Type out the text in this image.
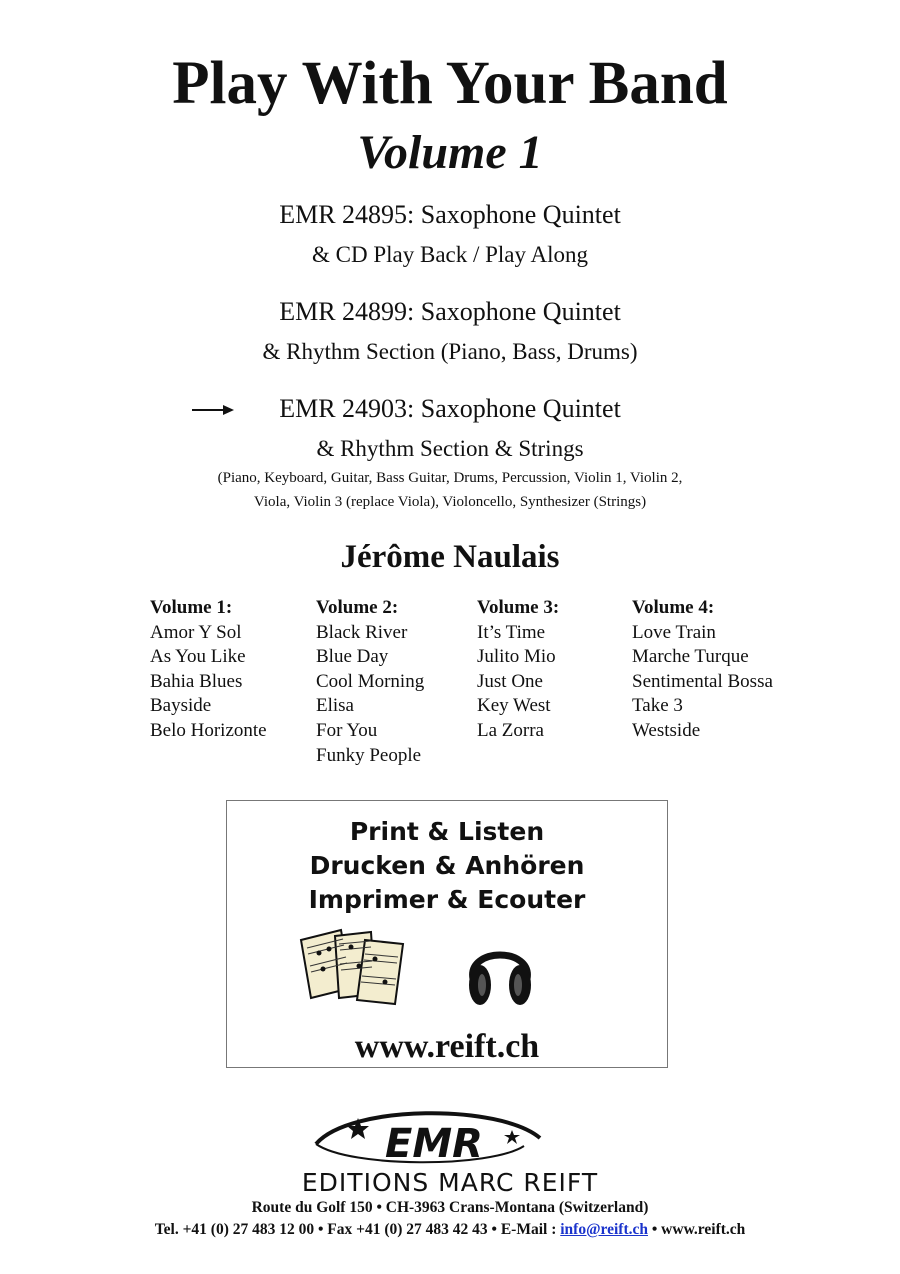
Play With Your Band
Volume 1
EMR 24895: Saxophone Quintet
& CD Play Back / Play Along
EMR 24899: Saxophone Quintet
& Rhythm Section (Piano, Bass, Drums)
EMR 24903: Saxophone Quintet
& Rhythm Section & Strings
(Piano, Keyboard, Guitar, Bass Guitar, Drums, Percussion, Violin 1, Violin 2,
Viola, Violin 3 (replace Viola), Violoncello, Synthesizer (Strings)
Jérôme Naulais
Volume 1:
Amor Y Sol
As You Like
Bahia Blues
Bayside
Belo Horizonte
Volume 2:
Black River
Blue Day
Cool Morning
Elisa
For You
Funky People
Volume 3:
It’s Time
Julito Mio
Just One
Key West
La Zorra
Volume 4:
Love Train
Marche Turque
Sentimental Bossa
Take 3
Westside
Print & Listen
Drucken & Anhören
Imprimer & Ecouter
www.reift.ch
EMR
EDITIONS MARC REIFT
Route du Golf 150 • CH-3963 Crans-Montana (Switzerland)
Tel. +41 (0) 27 483 12 00 • Fax +41 (0) 27 483 42 43 • E-Mail : info@reift.ch • www.reift.ch
